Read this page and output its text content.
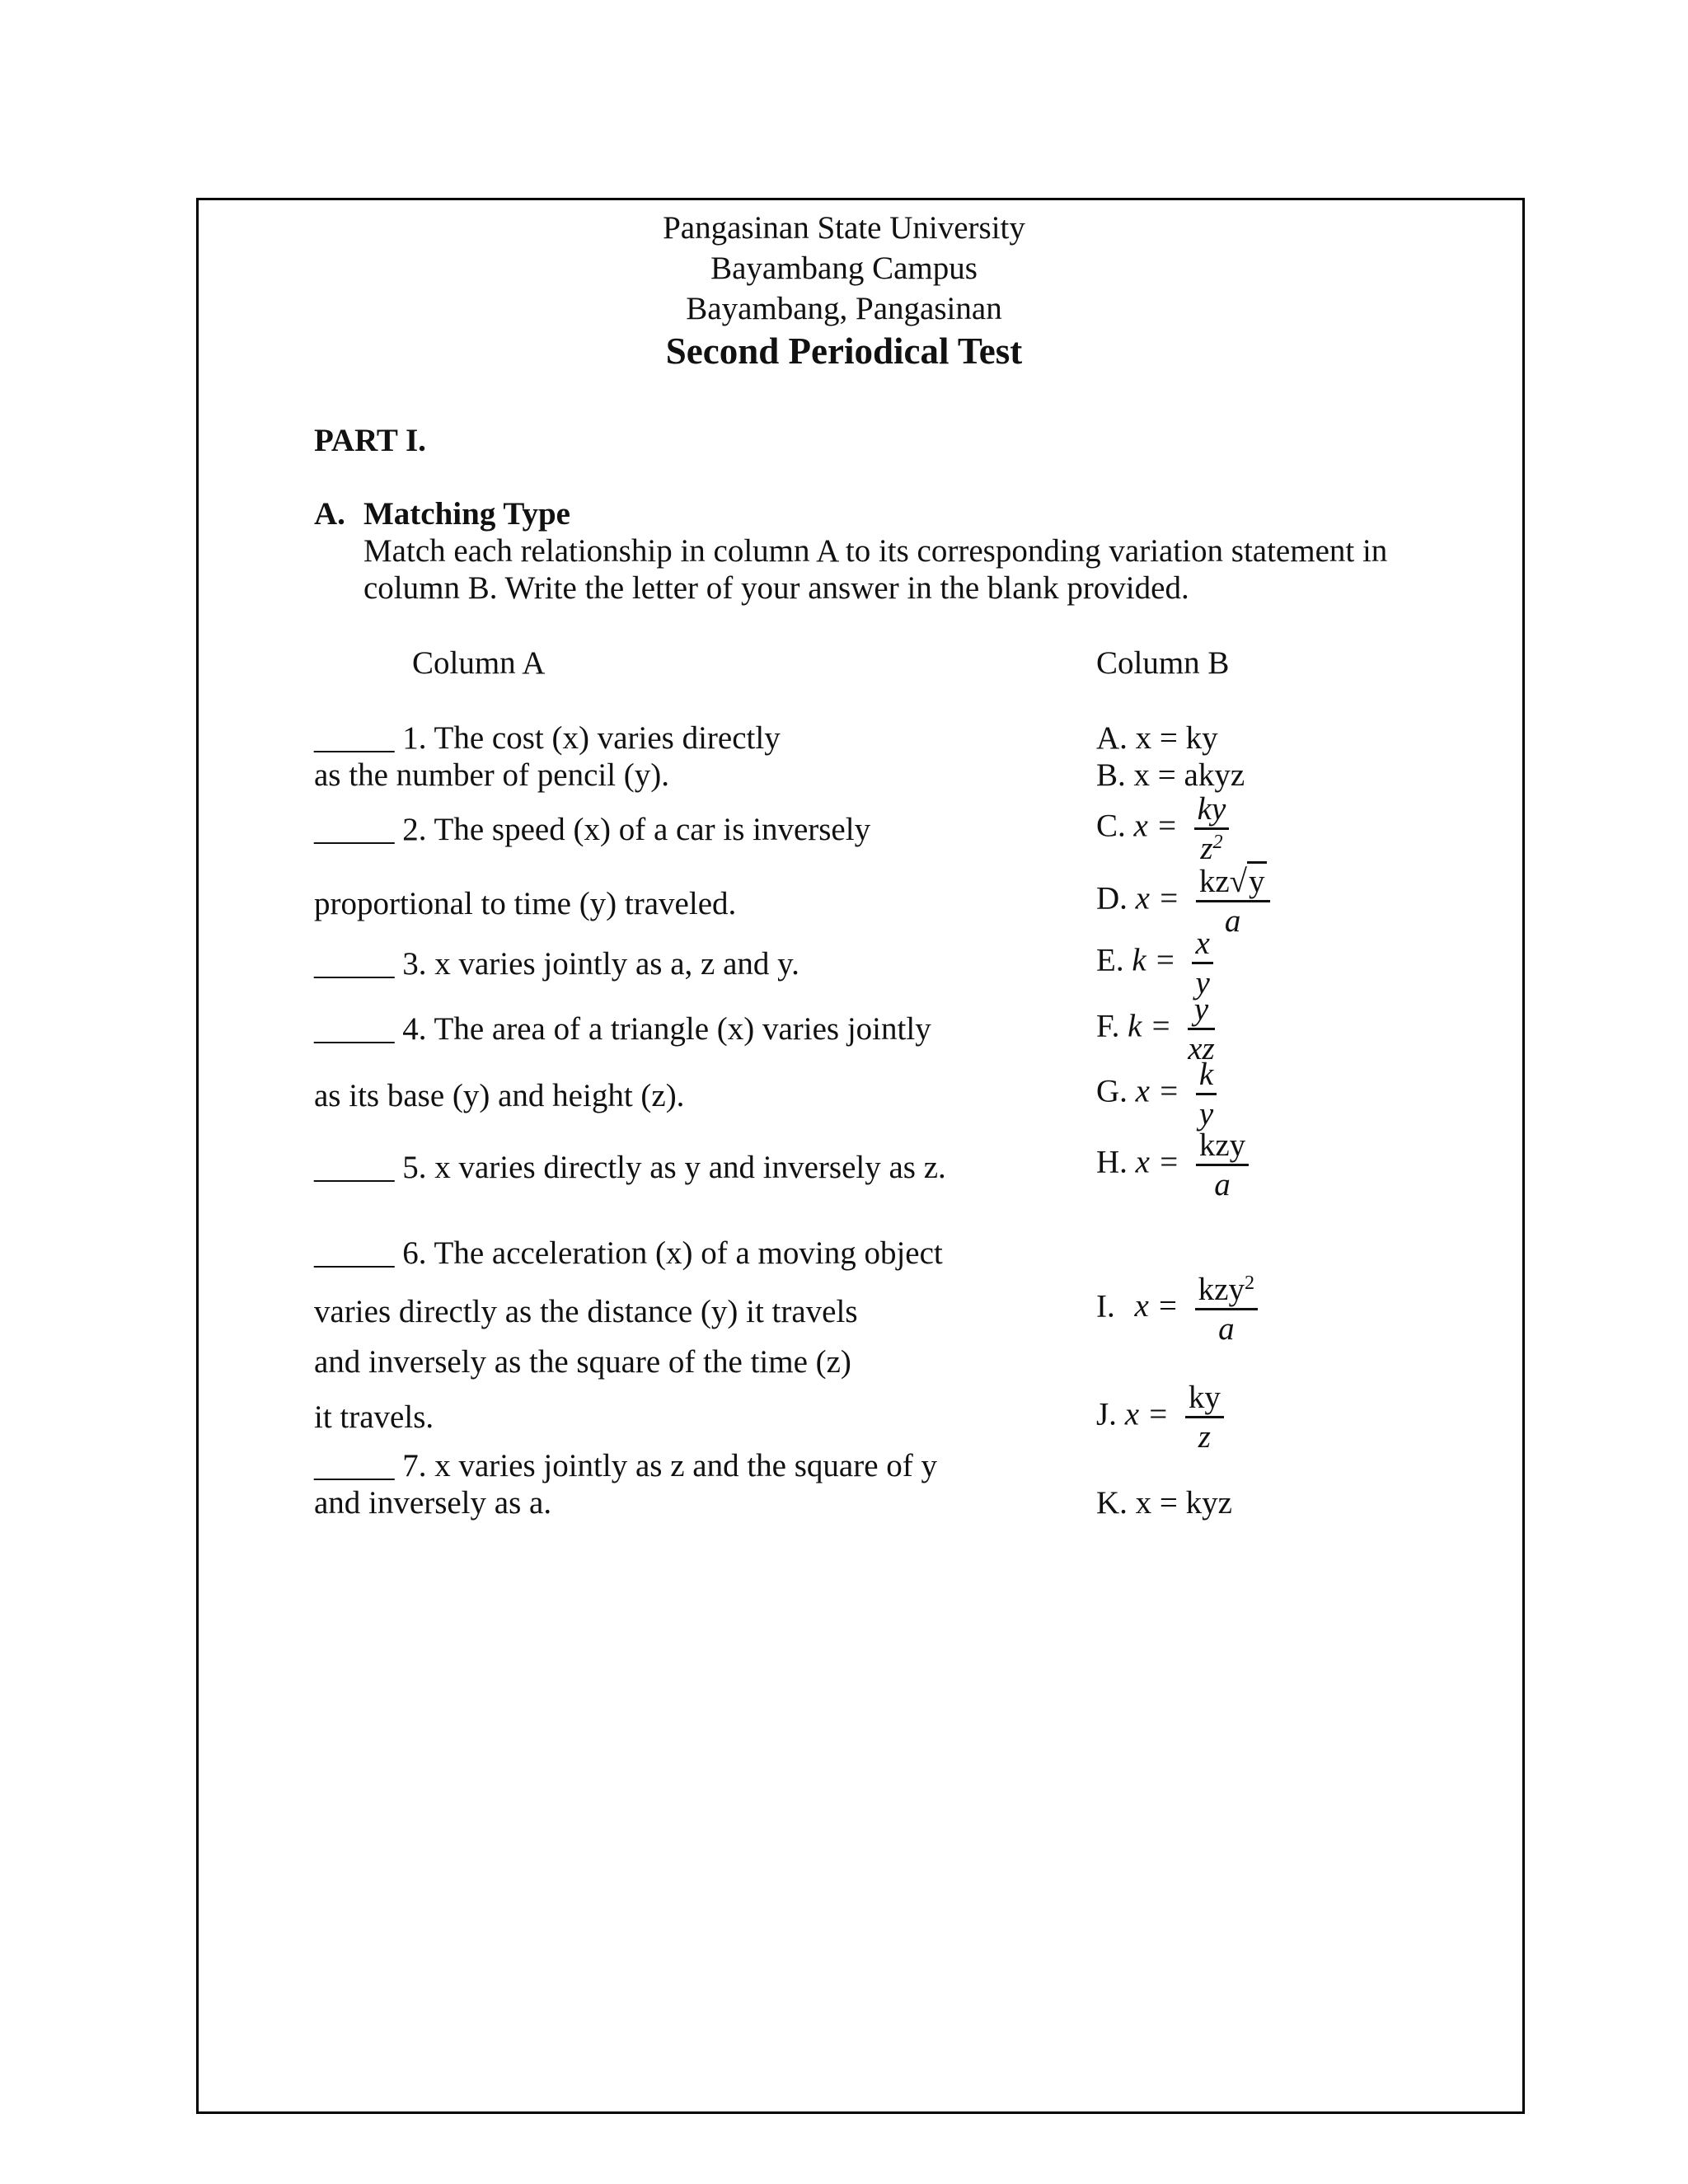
Pangasinan State University
Bayambang Campus
Bayambang, Pangasinan
Second Periodical Test
PART I.
A. Matching Type
Match each relationship in column A to its corresponding variation statement in
column B. Write the letter of your answer in the blank provided.
Column A	Column B
_____ 1. The cost (x) varies directly
as the number of pencil (y).
_____ 2. The speed (x) of a car is inversely
proportional to time (y) traveled.
_____ 3. x varies jointly as a, z and y.
_____ 4. The area of a triangle (x) varies jointly
as its base (y) and height (z).
_____ 5. x varies directly as y and inversely as z.
_____ 6. The acceleration (x) of a moving object
varies directly as the distance (y) it travels
and inversely as the square of the time (z)
it travels.
_____ 7. x varies jointly as z and the square of y
and inversely as a.
A. x = ky
B. x = akyz
C. $x = \frac{ky}{z^2}$
D. $x = \frac{kz√y}{a}$
E. $k = \frac{x}{y}$
F. $k = \frac{y}{xz}$
G. $x = \frac{k}{y}$
H. $x = \frac{\text{kzy}}{a}$
I. $x = \frac{kzy^2}{a}$
J. $x = \frac{ky}{z}$
K. x = kyz
